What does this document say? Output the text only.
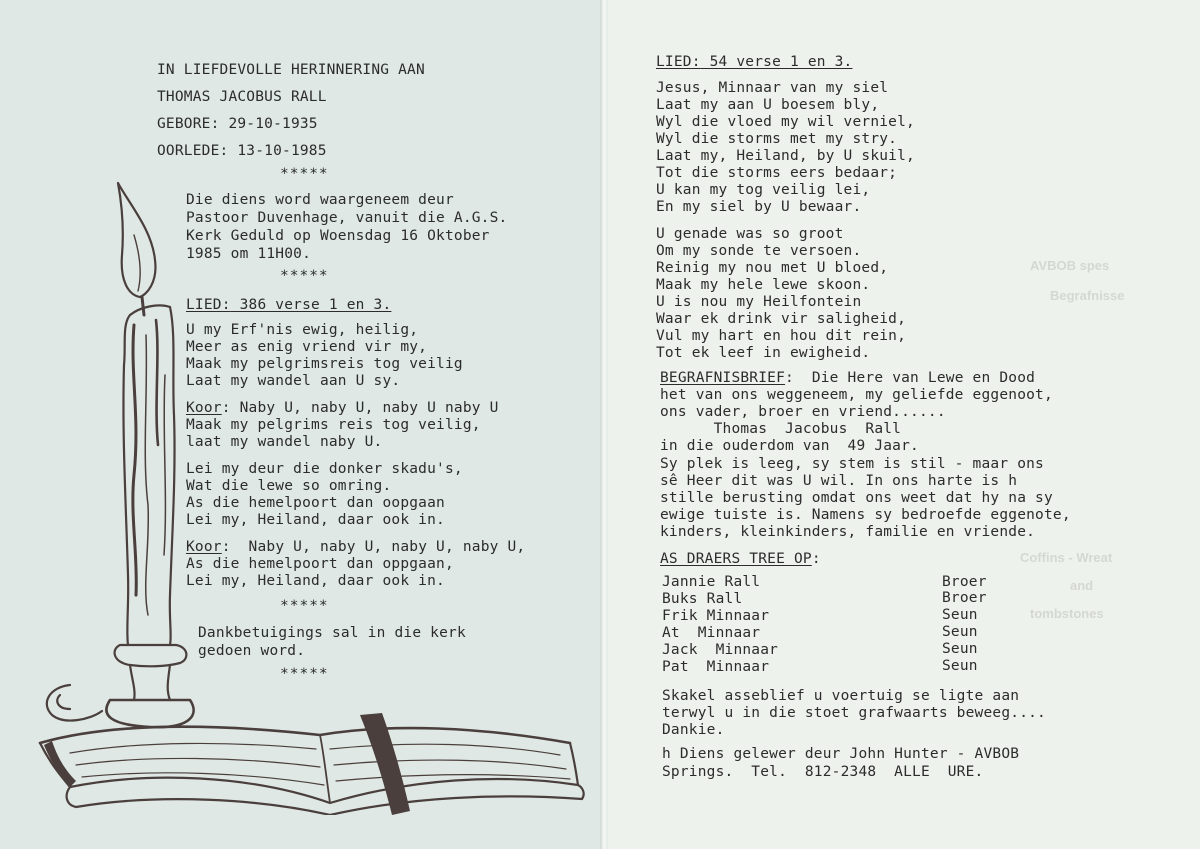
AVBOB spes
Begrafnisse
Coffins - Wreat
and
tombstones
IN LIEFDEVOLLE HERINNERING AAN
THOMAS JACOBUS RALL
GEBORE: 29-10-1935
OORLEDE: 13-10-1985
*****
Die diens word waargeneem deur
Pastoor Duvenhage, vanuit die A.G.S.
Kerk Geduld op Woensdag 16 Oktober
1985 om 11H00.
*****
LIED: 386 verse 1 en 3.
U my Erf'nis ewig, heilig,
Meer as enig vriend vir my,
Maak my pelgrimsreis tog veilig
Laat my wandel aan U sy.
Koor: Naby U, naby U, naby U naby U
Maak my pelgrims reis tog veilig,
laat my wandel naby U.
Lei my deur die donker skadu's,
Wat die lewe so omring.
As die hemelpoort dan oopgaan
Lei my, Heiland, daar ook in.
Koor:  Naby U, naby U, naby U, naby U,
As die hemelpoort dan oppgaan,
Lei my, Heiland, daar ook in.
*****
Dankbetuigings sal in die kerk
gedoen word.
*****
LIED: 54 verse 1 en 3.
Jesus, Minnaar van my siel
Laat my aan U boesem bly,
Wyl die vloed my wil verniel,
Wyl die storms met my stry.
Laat my, Heiland, by U skuil,
Tot die storms eers bedaar;
U kan my tog veilig lei,
En my siel by U bewaar.
U genade was so groot
Om my sonde te versoen.
Reinig my nou met U bloed,
Maak my hele lewe skoon.
U is nou my Heilfontein
Waar ek drink vir saligheid,
Vul my hart en hou dit rein,
Tot ek leef in ewigheid.
BEGRAFNISBRIEF:  Die Here van Lewe en Dood
het van ons weggeneem, my geliefde eggenoot,
ons vader, broer en vriend......
Thomas  Jacobus  Rall
in die ouderdom van  49 Jaar.
Sy plek is leeg, sy stem is stil - maar ons
sê Heer dit was U wil. In ons harte is h
stille berusting omdat ons weet dat hy na sy
ewige tuiste is. Namens sy bedroefde eggenote,
kinders, kleinkinders, familie en vriende.
AS DRAERS TREE OP:
Jannie Rall	Broer
Buks Rall	Broer
Frik Minnaar	Seun
At  Minnaar	Seun
Jack  Minnaar	Seun
Pat  Minnaar	Seun
Skakel asseblief u voertuig se ligte aan
terwyl u in die stoet grafwaarts beweeg....
Dankie.
h Diens gelewer deur John Hunter - AVBOB
Springs.  Tel.  812-2348  ALLE  URE.
